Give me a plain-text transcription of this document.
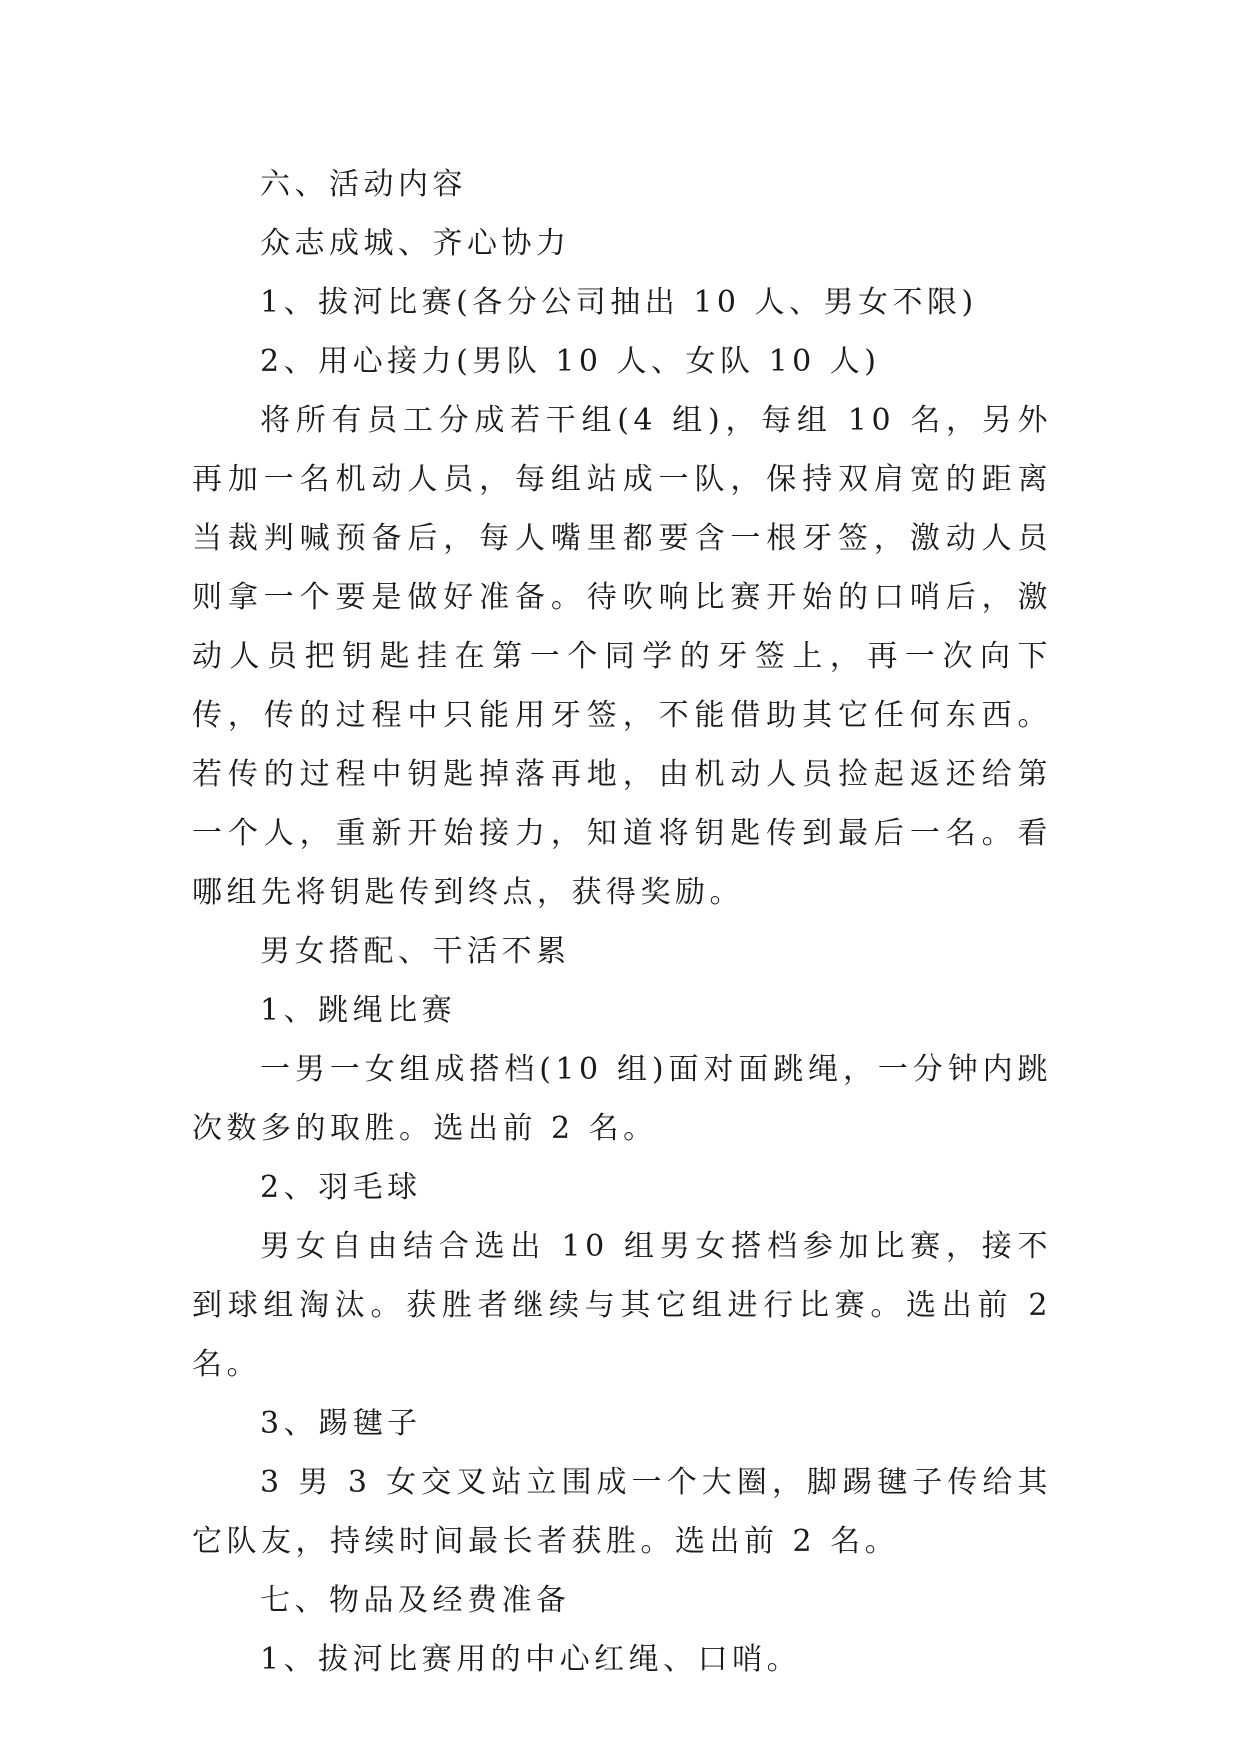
六、活动内容

众志成城、齐心协力

1、拔河比赛(各分公司抽出 10 人、男女不限)

2、用心接力(男队 10 人、女队 10 人)

将所有员工分成若干组(4 组)，每组 10 名，另外再加一名机动人员，每组站成一队，保持双肩宽的距离当裁判喊预备后，每人嘴里都要含一根牙签，激动人员则拿一个要是做好准备。待吹响比赛开始的口哨后，激动人员把钥匙挂在第一个同学的牙签上，再一次向下传，传的过程中只能用牙签，不能借助其它任何东西。若传的过程中钥匙掉落再地，由机动人员捡起返还给第一个人，重新开始接力，知道将钥匙传到最后一名。看哪组先将钥匙传到终点，获得奖励。

男女搭配、干活不累

1、跳绳比赛

一男一女组成搭档(10 组)面对面跳绳，一分钟内跳次数多的取胜。选出前 2 名。

2、羽毛球

男女自由结合选出 10 组男女搭档参加比赛，接不到球组淘汰。获胜者继续与其它组进行比赛。选出前 2 名。

3、踢毽子

3 男 3 女交叉站立围成一个大圈，脚踢毽子传给其它队友，持续时间最长者获胜。选出前 2 名。

七、物品及经费准备

1、拔河比赛用的中心红绳、口哨。
